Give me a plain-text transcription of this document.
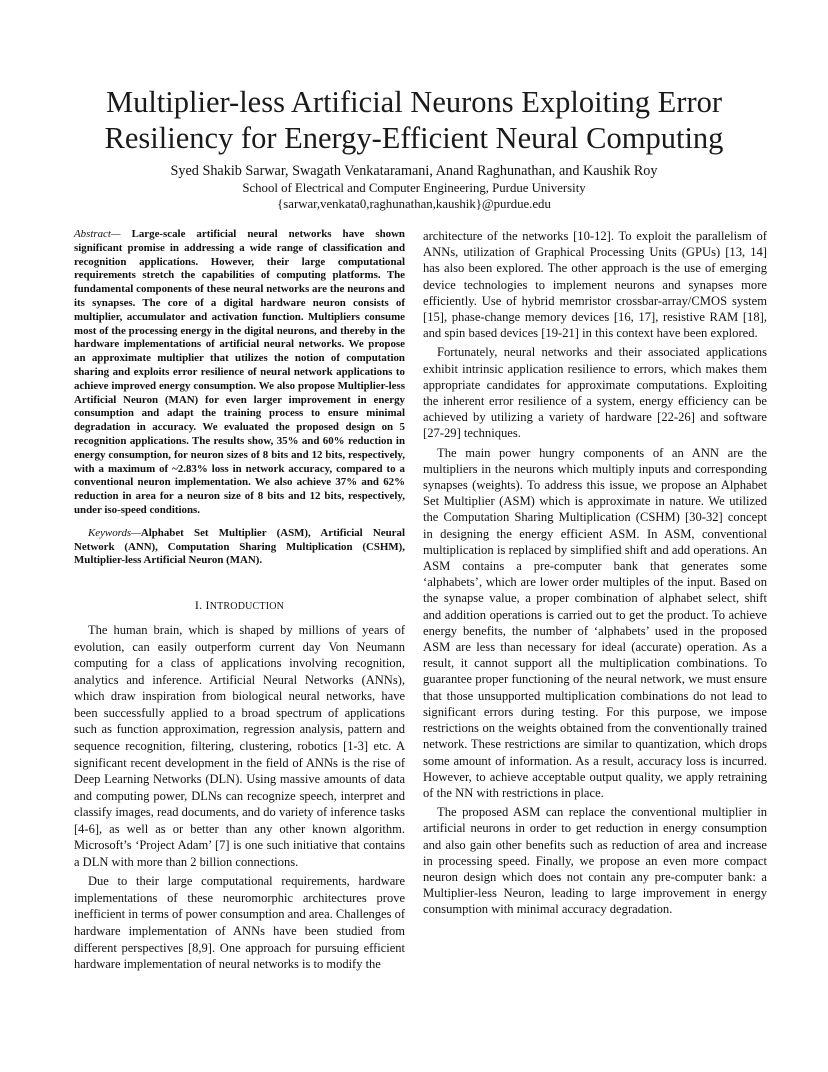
Multiplier-less Artificial Neurons Exploiting Error
Resiliency for Energy-Efficient Neural Computing
Syed Shakib Sarwar, Swagath Venkataramani, Anand Raghunathan, and Kaushik Roy
School of Electrical and Computer Engineering, Purdue University
{sarwar,venkata0,raghunathan,kaushik}@purdue.edu

Abstract— Large-scale artificial neural networks have shown significant promise in addressing a wide range of classification and recognition applications. However, their large computational requirements stretch the capabilities of computing platforms. The fundamental components of these neural networks are the neurons and its synapses. The core of a digital hardware neuron consists of multiplier, accumulator and activation function. Multipliers consume most of the processing energy in the digital neurons, and thereby in the hardware implementations of artificial neural networks. We propose an approximate multiplier that utilizes the notion of computation sharing and exploits error resilience of neural network applications to achieve improved energy consumption. We also propose Multiplier-less Artificial Neuron (MAN) for even larger improvement in energy consumption and adapt the training process to ensure minimal degradation in accuracy. We evaluated the proposed design on 5 recognition applications. The results show, 35% and 60% reduction in energy consumption, for neuron sizes of 8 bits and 12 bits, respectively, with a maximum of ~2.83% loss in network accuracy, compared to a conventional neuron implementation. We also achieve 37% and 62% reduction in area for a neuron size of 8 bits and 12 bits, respectively, under iso-speed conditions.

Keywords—Alphabet Set Multiplier (ASM), Artificial Neural Network (ANN), Computation Sharing Multiplication (CSHM), Multiplier-less Artificial Neuron (MAN).

I. INTRODUCTION

The human brain, which is shaped by millions of years of evolution, can easily outperform current day Von Neumann computing for a class of applications involving recognition, analytics and inference. Artificial Neural Networks (ANNs), which draw inspiration from biological neural networks, have been successfully applied to a broad spectrum of applications such as function approximation, regression analysis, pattern and sequence recognition, filtering, clustering, robotics [1-3] etc. A significant recent development in the field of ANNs is the rise of Deep Learning Networks (DLN). Using massive amounts of data and computing power, DLNs can recognize speech, interpret and classify images, read documents, and do variety of inference tasks [4-6], as well as or better than any other known algorithm. Microsoft’s ‘Project Adam’ [7] is one such initiative that contains a DLN with more than 2 billion connections.

Due to their large computational requirements, hardware implementations of these neuromorphic architectures prove inefficient in terms of power consumption and area. Challenges of hardware implementation of ANNs have been studied from different perspectives [8,9]. One approach for pursuing efficient hardware implementation of neural networks is to modify the

architecture of the networks [10-12]. To exploit the parallelism of ANNs, utilization of Graphical Processing Units (GPUs) [13, 14] has also been explored. The other approach is the use of emerging device technologies to implement neurons and synapses more efficiently. Use of hybrid memristor crossbar-array/CMOS system [15], phase-change memory devices [16, 17], resistive RAM [18], and spin based devices [19-21] in this context have been explored.

Fortunately, neural networks and their associated applications exhibit intrinsic application resilience to errors, which makes them appropriate candidates for approximate computations. Exploiting the inherent error resilience of a system, energy efficiency can be achieved by utilizing a variety of hardware [22-26] and software [27-29] techniques.

The main power hungry components of an ANN are the multipliers in the neurons which multiply inputs and corresponding synapses (weights). To address this issue, we propose an Alphabet Set Multiplier (ASM) which is approximate in nature. We utilized the Computation Sharing Multiplication (CSHM) [30-32] concept in designing the energy efficient ASM. In ASM, conventional multiplication is replaced by simplified shift and add operations. An ASM contains a pre-computer bank that generates some ‘alphabets’, which are lower order multiples of the input. Based on the synapse value, a proper combination of alphabet select, shift and addition operations is carried out to get the product. To achieve energy benefits, the number of ‘alphabets’ used in the proposed ASM are less than necessary for ideal (accurate) operation. As a result, it cannot support all the multiplication combinations. To guarantee proper functioning of the neural network, we must ensure that those unsupported multiplication combinations do not lead to significant errors during testing. For this purpose, we impose restrictions on the weights obtained from the conventionally trained network. These restrictions are similar to quantization, which drops some amount of information. As a result, accuracy loss is incurred. However, to achieve acceptable output quality, we apply retraining of the NN with restrictions in place.

The proposed ASM can replace the conventional multiplier in artificial neurons in order to get reduction in energy consumption and also gain other benefits such as reduction of area and increase in processing speed. Finally, we propose an even more compact neuron design which does not contain any pre-computer bank: a Multiplier-less Neuron, leading to large improvement in energy consumption with minimal accuracy degradation.
